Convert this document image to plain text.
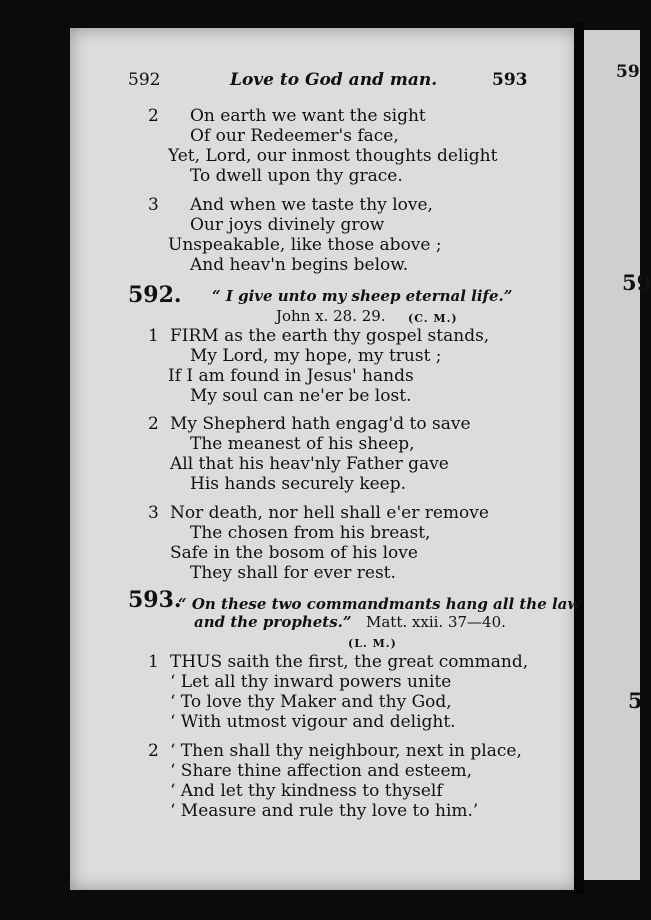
59
59
5
592	Love to God and man.	593
2 On earth we want the sight
Of our Redeemer's face,
Yet, Lord, our inmost thoughts delight
To dwell upon thy grace.
3 And when we taste thy love,
Our joys divinely grow
Unspeakable, like those above ;
And heav'n begins below.
592. “ I give unto my sheep eternal life.”
John x. 28. 29. (C. M.)
1 FIRM as the earth thy gospel stands,
My Lord, my hope, my trust ;
If I am found in Jesus' hands
My soul can ne'er be lost.
2 My Shepherd hath engag'd to save
The meanest of his sheep,
All that his heav'nly Father gave
His hands securely keep.
3 Nor death, nor hell shall e'er remove
The chosen from his breast,
Safe in the bosom of his love
They shall for ever rest.
593.
“ On these two commandmants hang all the law
and the prophets.” Matt. xxii. 37—40.
(L. M.)
1 THUS saith the first, the great command,
‘ Let all thy inward powers unite
‘ To love thy Maker and thy God,
‘ With utmost vigour and delight.
2 ‘ Then shall thy neighbour, next in place,
‘ Share thine affection and esteem,
‘ And let thy kindness to thyself
‘ Measure and rule thy love to him.’
